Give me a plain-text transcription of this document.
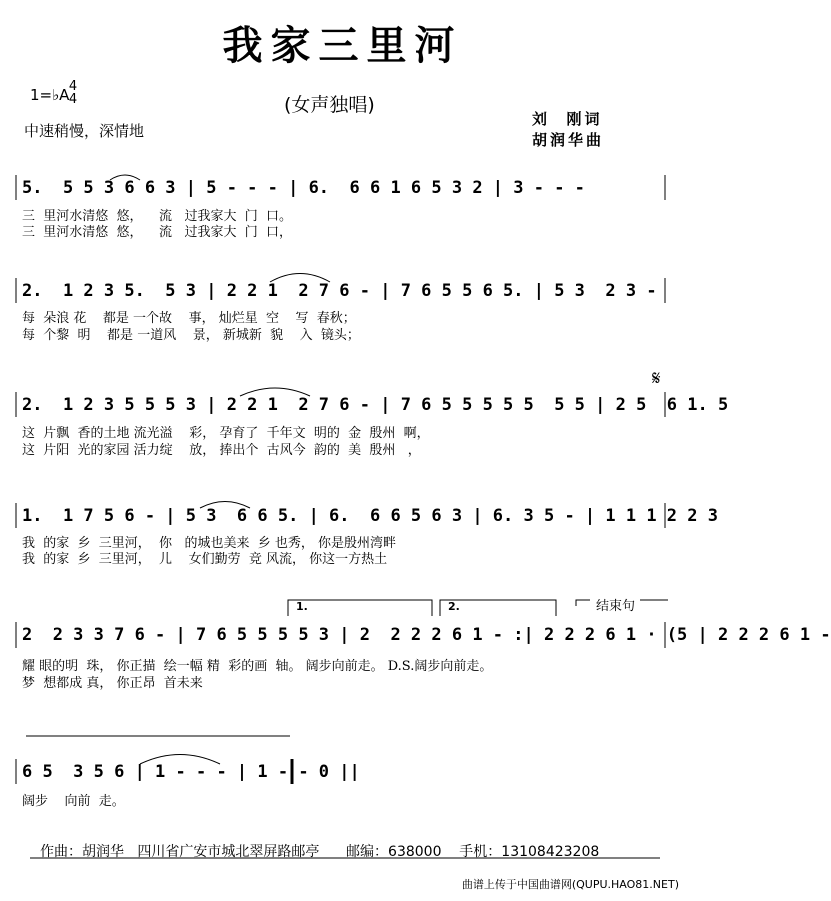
我家三里河
1=♭A 4
4	(女声独唱)
中速稍慢，深情地
刘  刚词
胡润华曲
5.  5 5 3 6 6 3 | 5 - - - | 6.  6 6 1 6 5 3 2 | 3 - - -
三  里河水清悠  悠，    流   过我家大  门  口。
三  里河水清悠  悠，    流   过我家大  门  口，
2.  1 2 3 5.  5 3 | 2 2 1  2 7 6 - | 7 6 5 5 6 5. | 5 3  2 3 -
每  朵浪 花    都是 一个故    事， 灿烂星  空    写  春秋；
每  个黎  明    都是 一道风    景， 新城新  貌    入  镜头；
2.  1 2 3 5 5 5 3 | 2 2 1  2 7 6 - | 7 6 5 5 5 5 5  5 5 | 2 5  6 1. 5
这  片飘  香的土地 流光溢    彩， 孕育了  千年文  明的  金  殷州  啊，
这  片阳  光的家园 活力绽    放， 捧出个  古风今  韵的  美  殷州   ，
𝄋
1.  1 7 5 6 - | 5 3  6 6 5. | 6.  6 6 5 6 3 | 6. 3 5 - | 1 1 1 2 2 3
我  的家  乡  三里河，  你   的城也美来  乡 也秀， 你是殷州湾畔
我  的家  乡  三里河，  儿    女们勤劳  竞 风流， 你这一方热土
1.	2.	结束句
2  2 3 3 7 6 - | 7 6 5 5 5 5 3 | 2  2 2 2 6 1 - :| 2 2 2 6 1 · (5 | 2 2 2 6 1 -
耀 眼的明  珠， 你正描  绘一幅 精  彩的画  轴。 阔步向前走。 D.S.阔步向前走。
梦  想都成 真， 你正昂  首未来
6 5  3 5 6 | 1 - - - | 1 - - 0 ||
阔步    向前  走。
作曲：胡润华   四川省广安市城北翠屏路邮亭      邮编：638000    手机：13108423208
曲谱上传于中国曲谱网(QUPU.HAO81.NET)
